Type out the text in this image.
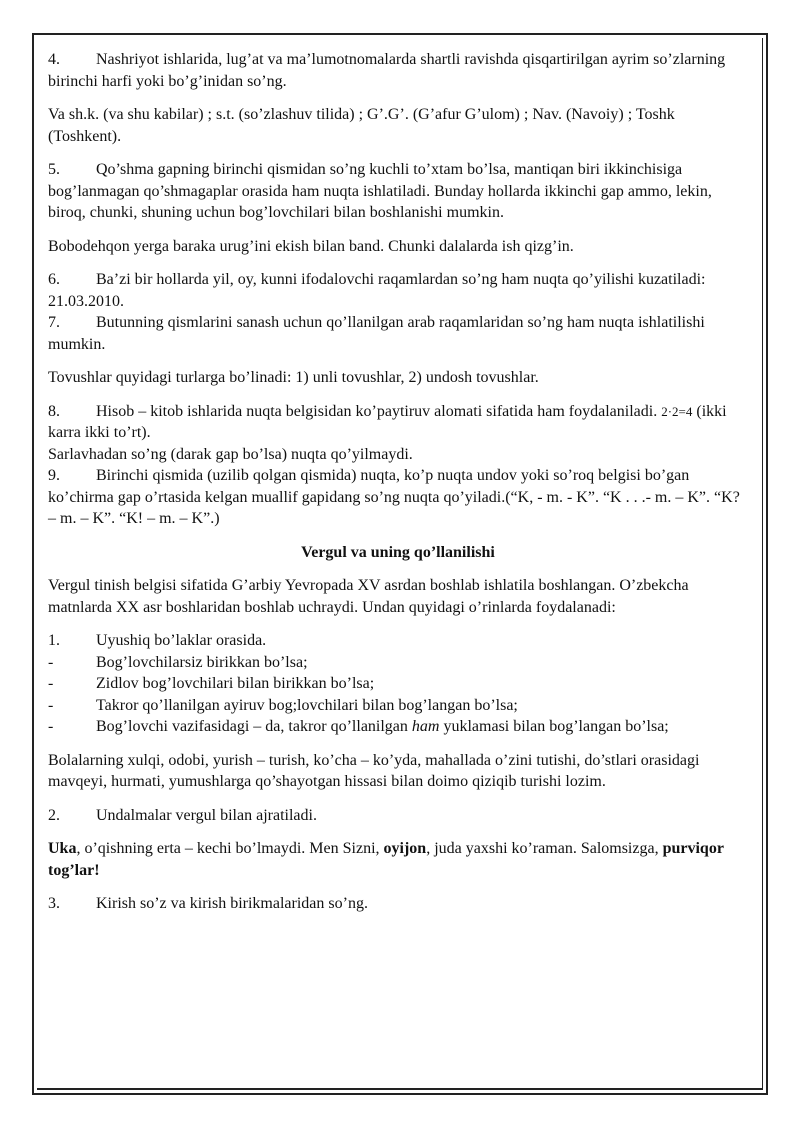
4. Nashriyot ishlarida, lug’at va ma’lumotnomalarda shartli ravishda qisqartirilgan ayrim so’zlarning birinchi harfi yoki bo’g’inidan so’ng.

Va sh.k. (va shu kabilar) ; s.t. (so’zlashuv tilida) ; G’.G’. (G’afur G’ulom) ; Nav. (Navoiy) ; Toshk (Toshkent).

5. Qo’shma gapning birinchi qismidan so’ng kuchli to’xtam bo’lsa, mantiqan biri ikkinchisiga bog’lanmagan qo’shmagaplar orasida ham nuqta ishlatiladi. Bunday hollarda ikkinchi gap ammo, lekin, biroq, chunki, shuning uchun bog’lovchilari bilan boshlanishi mumkin.

Bobodehqon yerga baraka urug’ini ekish bilan band. Chunki dalalarda ish qizg’in.

6. Ba’zi bir hollarda yil, oy, kunni ifodalovchi raqamlardan so’ng ham nuqta qo’yilishi kuzatiladi: 21.03.2010.

7. Butunning qismlarini sanash uchun qo’llanilgan arab raqamlaridan so’ng ham nuqta ishlatilishi mumkin.

Tovushlar quyidagi turlarga bo’linadi: 1) unli tovushlar, 2) undosh tovushlar.

8. Hisob – kitob ishlarida nuqta belgisidan ko’paytiruv alomati sifatida ham foydalaniladi. 2·2=4 (ikki karra ikki to’rt).

Sarlavhadan so’ng (darak gap bo’lsa) nuqta qo’yilmaydi.

9. Birinchi qismida (uzilib qolgan qismida) nuqta, ko’p nuqta undov yoki so’roq belgisi bo’gan ko’chirma gap o’rtasida kelgan muallif gapidang so’ng nuqta qo’yiladi.(“K, - m. - K”. “K . . .- m. – K”. “K? – m. – K”. “K! – m. – K”.)

Vergul va uning qo’llanilishi

Vergul tinish belgisi sifatida G’arbiy Yevropada XV asrdan boshlab ishlatila boshlangan. O’zbekcha matnlarda XX asr boshlaridan boshlab uchraydi. Undan quyidagi o’rinlarda foydalanadi:

1. Uyushiq bo’laklar orasida.

-	Bog’lovchilarsiz birikkan bo’lsa;

-	Zidlov bog’lovchilari bilan birikkan bo’lsa;

-	Takror qo’llanilgan ayiruv bog;lovchilari bilan bog’langan bo’lsa;

-	Bog’lovchi vazifasidagi – da, takror qo’llanilgan ham yuklamasi bilan bog’langan bo’lsa;

Bolalarning xulqi, odobi, yurish – turish, ko’cha – ko’yda, mahallada o’zini tutishi, do’stlari orasidagi mavqeyi, hurmati, yumushlarga qo’shayotgan hissasi bilan doimo qiziqib turishi lozim.

2. Undalmalar vergul bilan ajratiladi.

Uka, o’qishning erta – kechi bo’lmaydi. Men Sizni, oyijon, juda yaxshi ko’raman. Salomsizga, purviqor tog’lar!

3. Kirish so’z va kirish birikmalaridan so’ng.
